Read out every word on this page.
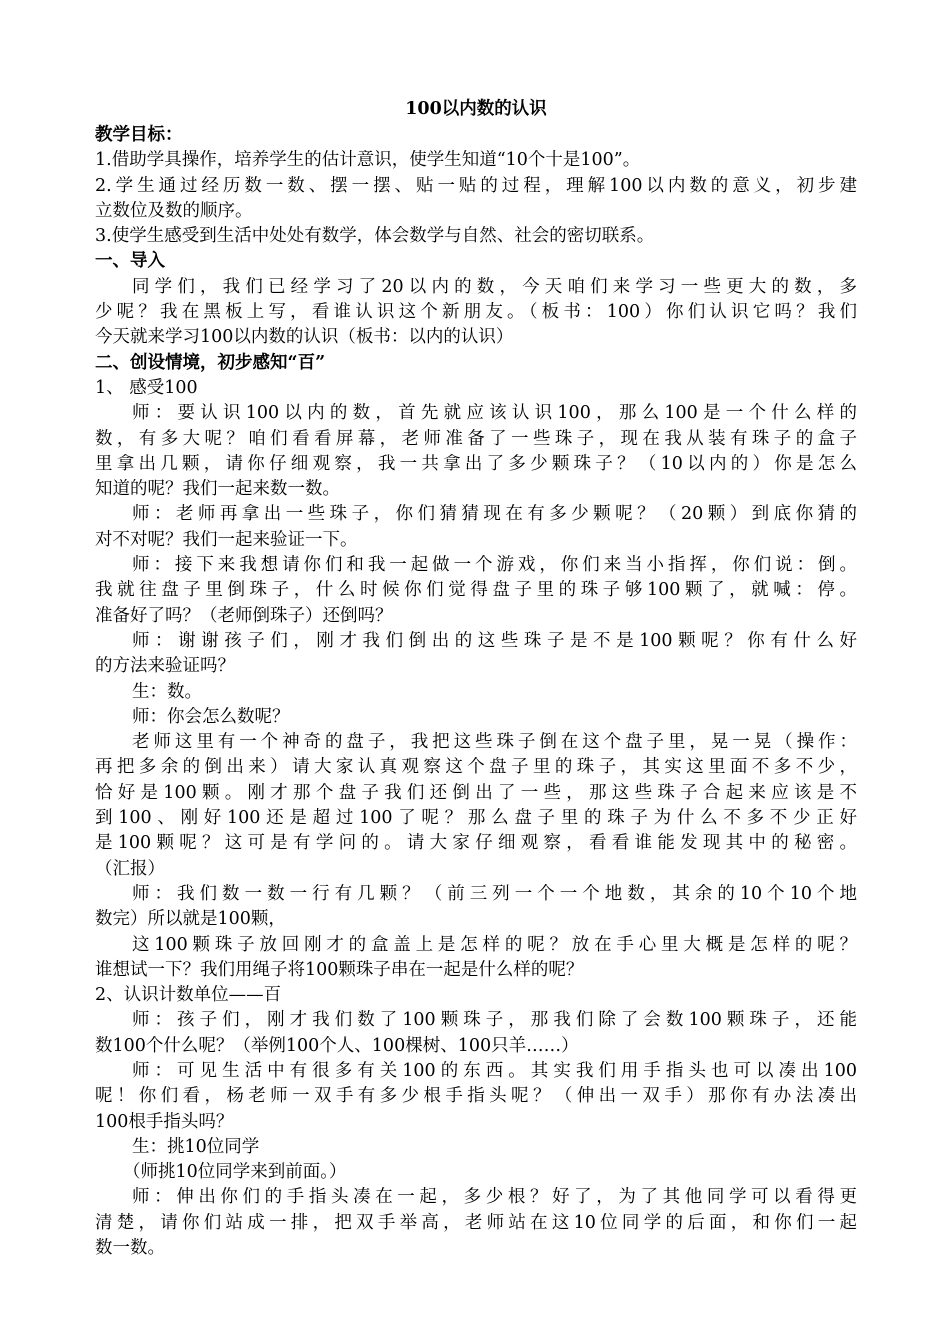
100以内数的认识

教学目标：

1.借助学具操作，培养学生的估计意识，使学生知道“10个十是100”。

2.学生通过经历数一数、摆一摆、贴一贴的过程，理解100以内数的意义，初步建

立数位及数的顺序。

3.使学生感受到生活中处处有数学，体会数学与自然、社会的密切联系。

一、导入

同学们，我们已经学习了20以内的数，今天咱们来学习一些更大的数，多

少呢？我在黑板上写，看谁认识这个新朋友。（板书：100）你们认识它吗？我们

今天就来学习100以内数的认识（板书：以内的认识）

二、创设情境，初步感知“百”

1、 感受100

师：要认识100以内的数，首先就应该认识100，那么100是一个什么样的

数，有多大呢？咱们看看屏幕，老师准备了一些珠子，现在我从装有珠子的盒子

里拿出几颗，请你仔细观察，我一共拿出了多少颗珠子？（10以内的）你是怎么

知道的呢？我们一起来数一数。

师：老师再拿出一些珠子，你们猜猜现在有多少颗呢？（20颗）到底你猜的

对不对呢？我们一起来验证一下。

师：接下来我想请你们和我一起做一个游戏，你们来当小指挥，你们说：倒。

我就往盘子里倒珠子，什么时候你们觉得盘子里的珠子够100颗了，就喊：停。

准备好了吗？（老师倒珠子）还倒吗？

师：谢谢孩子们，刚才我们倒出的这些珠子是不是100颗呢？你有什么好

的方法来验证吗？

生：数。

师：你会怎么数呢？

老师这里有一个神奇的盘子，我把这些珠子倒在这个盘子里，晃一晃（操作：

再把多余的倒出来）请大家认真观察这个盘子里的珠子，其实这里面不多不少，

恰好是100颗。刚才那个盘子我们还倒出了一些，那这些珠子合起来应该是不

到100、刚好100还是超过100了呢？那么盘子里的珠子为什么不多不少正好

是100颗呢？这可是有学问的。请大家仔细观察，看看谁能发现其中的秘密。

（汇报）

师：我们数一数一行有几颗？（前三列一个一个地数，其余的10个10个地

数完）所以就是100颗，

这100颗珠子放回刚才的盒盖上是怎样的呢？放在手心里大概是怎样的呢？

谁想试一下？我们用绳子将100颗珠子串在一起是什么样的呢？

2、认识计数单位——百

师：孩子们，刚才我们数了100颗珠子，那我们除了会数100颗珠子，还能

数100个什么呢？（举例100个人、100棵树、100只羊……）

师：可见生活中有很多有关100的东西。其实我们用手指头也可以凑出100

呢！你们看，杨老师一双手有多少根手指头呢？（伸出一双手）那你有办法凑出

100根手指头吗？

生：挑10位同学

（师挑10位同学来到前面。）

师：伸出你们的手指头凑在一起，多少根？好了，为了其他同学可以看得更

清楚，请你们站成一排，把双手举高，老师站在这10位同学的后面，和你们一起

数一数。
